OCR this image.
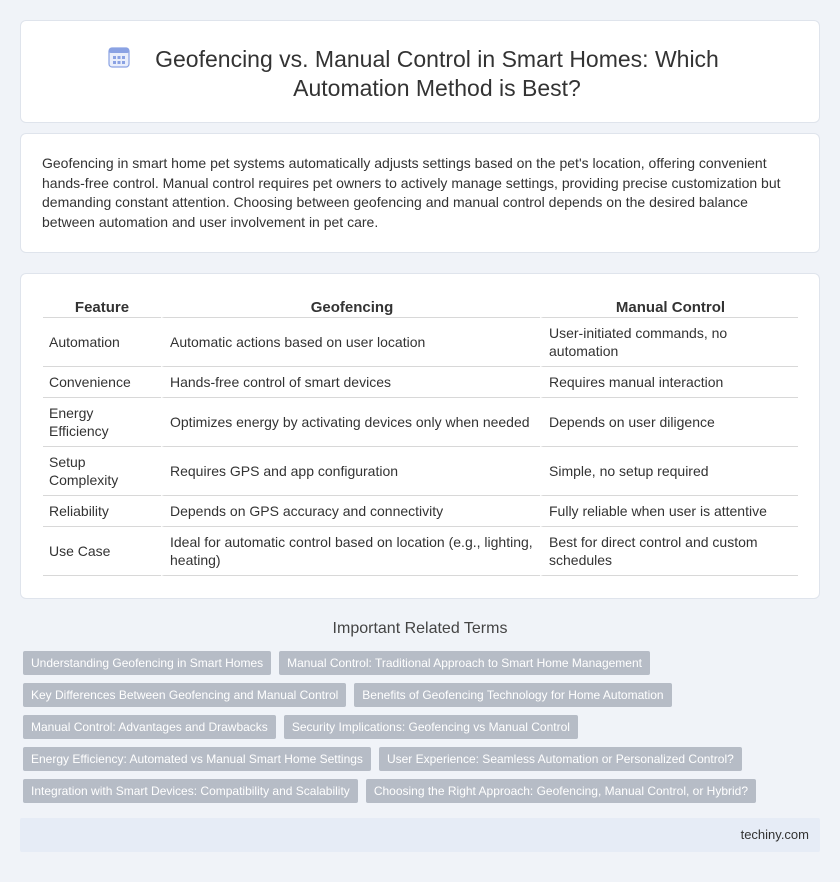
Geofencing vs. Manual Control in Smart Homes: Which Automation Method is Best?

Geofencing in smart home pet systems automatically adjusts settings based on the pet's location, offering convenient hands-free control. Manual control requires pet owners to actively manage settings, providing precise customization but demanding constant attention. Choosing between geofencing and manual control depends on the desired balance between automation and user involvement in pet care.

Feature	Geofencing	Manual Control
Automation	Automatic actions based on user location	User-initiated commands, no automation
Convenience	Hands-free control of smart devices	Requires manual interaction
Energy Efficiency	Optimizes energy by activating devices only when needed	Depends on user diligence
Setup Complexity	Requires GPS and app configuration	Simple, no setup required
Reliability	Depends on GPS accuracy and connectivity	Fully reliable when user is attentive
Use Case	Ideal for automatic control based on location (e.g., lighting, heating)	Best for direct control and custom schedules
Important Related Terms
Understanding Geofencing in Smart Homes	Manual Control: Traditional Approach to Smart Home Management
Key Differences Between Geofencing and Manual Control	Benefits of Geofencing Technology for Home Automation
Manual Control: Advantages and Drawbacks	Security Implications: Geofencing vs Manual Control
Energy Efficiency: Automated vs Manual Smart Home Settings	User Experience: Seamless Automation or Personalized Control?
Integration with Smart Devices: Compatibility and Scalability	Choosing the Right Approach: Geofencing, Manual Control, or Hybrid?
techiny.com
